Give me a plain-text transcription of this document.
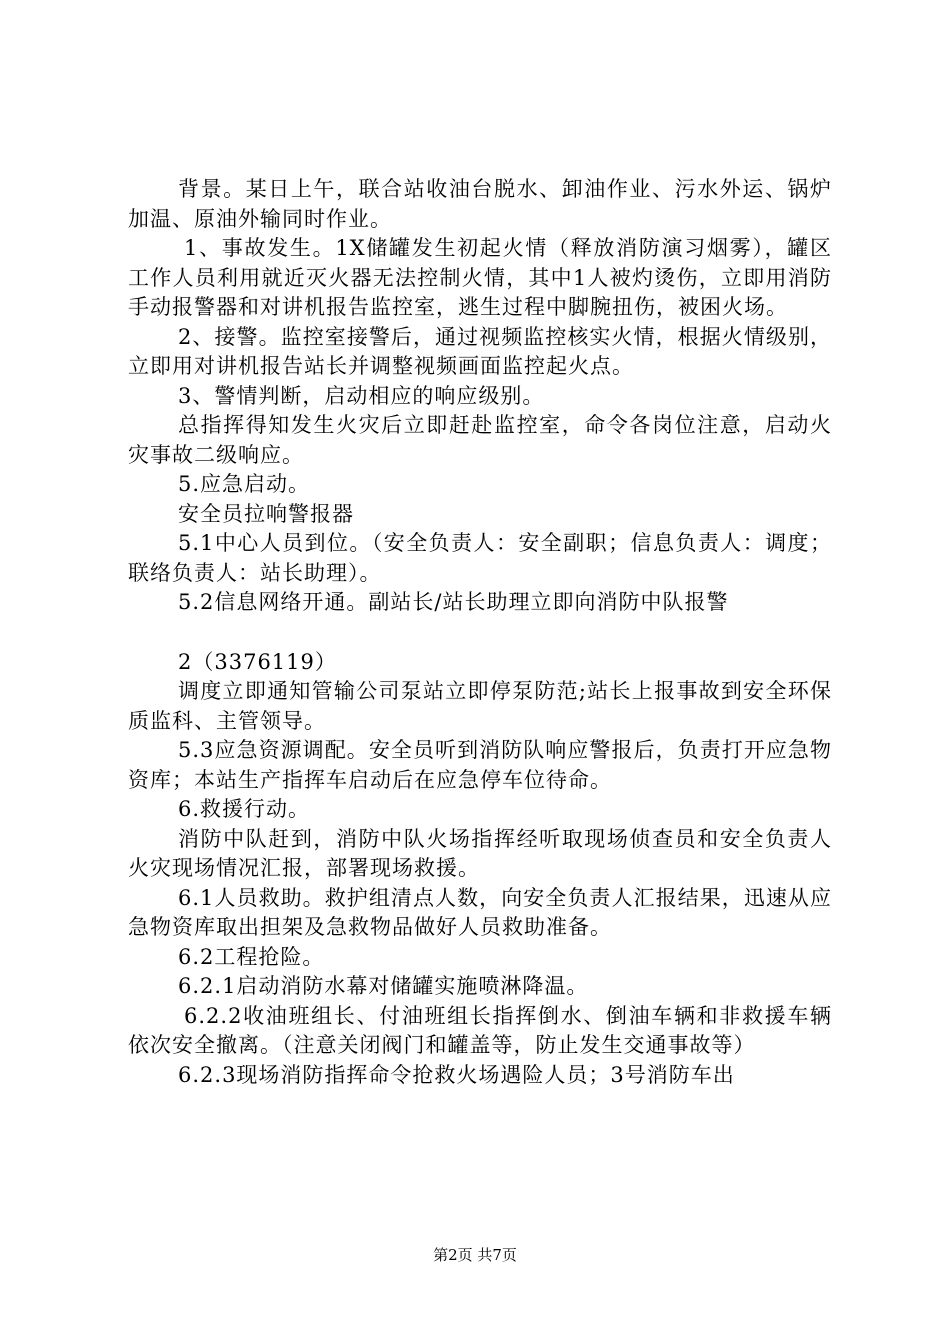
背景。某日上午，联合站收油台脱水、卸油作业、污水外运、锅炉加温、原油外输同时作业。

1、事故发生。1X储罐发生初起火情（释放消防演习烟雾），罐区工作人员利用就近灭火器无法控制火情，其中1人被灼烫伤，立即用消防手动报警器和对讲机报告监控室，逃生过程中脚腕扭伤，被困火场。

2、接警。监控室接警后，通过视频监控核实火情，根据火情级别，立即用对讲机报告站长并调整视频画面监控起火点。

3、警情判断，启动相应的响应级别。

总指挥得知发生火灾后立即赶赴监控室，命令各岗位注意，启动火灾事故二级响应。

5.应急启动。

安全员拉响警报器

5.1中心人员到位。（安全负责人：安全副职；信息负责人：调度；联络负责人：站长助理）。

5.2信息网络开通。副站长/站长助理立即向消防中队报警

2（3376119）

调度立即通知管输公司泵站立即停泵防范;站长上报事故到安全环保质监科、主管领导。

5.3应急资源调配。安全员听到消防队响应警报后，负责打开应急物资库；本站生产指挥车启动后在应急停车位待命。

6.救援行动。

消防中队赶到，消防中队火场指挥经听取现场侦查员和安全负责人火灾现场情况汇报，部署现场救援。

6.1人员救助。救护组清点人数，向安全负责人汇报结果，迅速从应急物资库取出担架及急救物品做好人员救助准备。

6.2工程抢险。

6.2.1启动消防水幕对储罐实施喷淋降温。

6.2.2收油班组长、付油班组长指挥倒水、倒油车辆和非救援车辆依次安全撤离。（注意关闭阀门和罐盖等，防止发生交通事故等）

6.2.3现场消防指挥命令抢救火场遇险人员；3号消防车出

第2页 共7页
